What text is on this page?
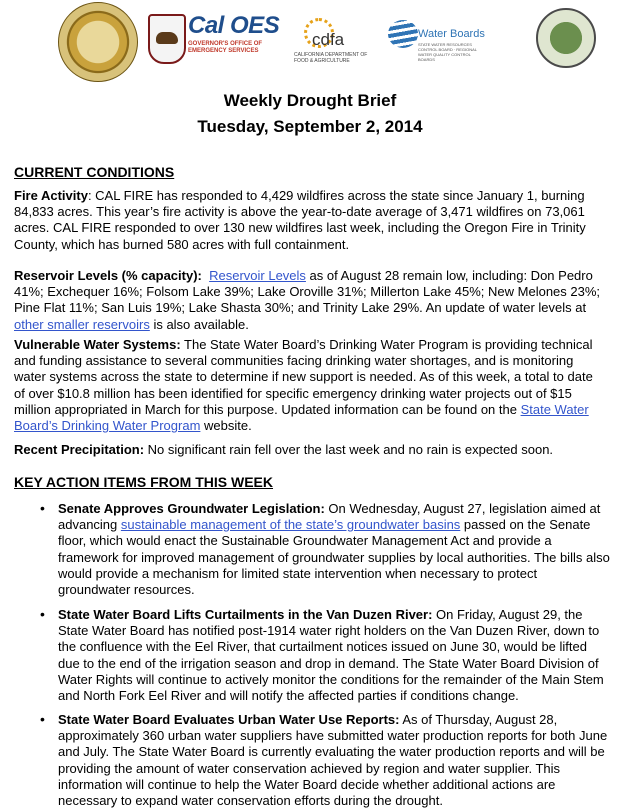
Cal OES
GOVERNOR'S OFFICE OF EMERGENCY SERVICES
cdfa
CALIFORNIA DEPARTMENT OF FOOD & AGRICULTURE
Water Boards
STATE WATER RESOURCES CONTROL BOARD · REGIONAL WATER QUALITY CONTROL BOARDS
Weekly Drought Brief
Tuesday, September 2, 2014
CURRENT CONDITIONS

Fire Activity: CAL FIRE has responded to 4,429 wildfires across the state since January 1, burning 84,833 acres. This year’s fire activity is above the year-to-date average of 3,471 wildfires on 73,061 acres. CAL FIRE responded to over 130 new wildfires last week, including the Oregon Fire in Trinity County, which has burned 580 acres with full containment.

Reservoir Levels (% capacity): Reservoir Levels as of August 28 remain low, including: Don Pedro 41%; Exchequer 16%; Folsom Lake 39%; Lake Oroville 31%; Millerton Lake 45%; New Melones 23%; Pine Flat 11%; San Luis 19%; Lake Shasta 30%; and Trinity Lake 29%. An update of water levels at other smaller reservoirs is also available.

Vulnerable Water Systems: The State Water Board’s Drinking Water Program is providing technical and funding assistance to several communities facing drinking water shortages, and is monitoring water systems across the state to determine if new support is needed. As of this week, a total to date of over $10.8 million has been identified for specific emergency drinking water projects out of $15 million appropriated in March for this purpose. Updated information can be found on the State Water Board’s Drinking Water Program website.

Recent Precipitation: No significant rain fell over the last week and no rain is expected soon.

KEY ACTION ITEMS FROM THIS WEEK
• Senate Approves Groundwater Legislation: On Wednesday, August 27, legislation aimed at advancing sustainable management of the state’s groundwater basins passed on the Senate floor, which would enact the Sustainable Groundwater Management Act and provide a framework for improved management of groundwater supplies by local authorities. The bills also would provide a mechanism for limited state intervention when necessary to protect groundwater resources.

• State Water Board Lifts Curtailments in the Van Duzen River: On Friday, August 29, the State Water Board has notified post-1914 water right holders on the Van Duzen River, down to the confluence with the Eel River, that curtailment notices issued on June 30, would be lifted due to the end of the irrigation season and drop in demand. The State Water Board Division of Water Rights will continue to actively monitor the conditions for the remainder of the Main Stem and North Fork Eel River and will notify the affected parties if conditions change.

• State Water Board Evaluates Urban Water Use Reports: As of Thursday, August 28, approximately 360 urban water suppliers have submitted water production reports for both June and July. The State Water Board is currently evaluating the water production reports and will be providing the amount of water conservation achieved by region and water supplier. This information will continue to help the Water Board decide whether additional actions are necessary to expand water conservation efforts during the drought.
